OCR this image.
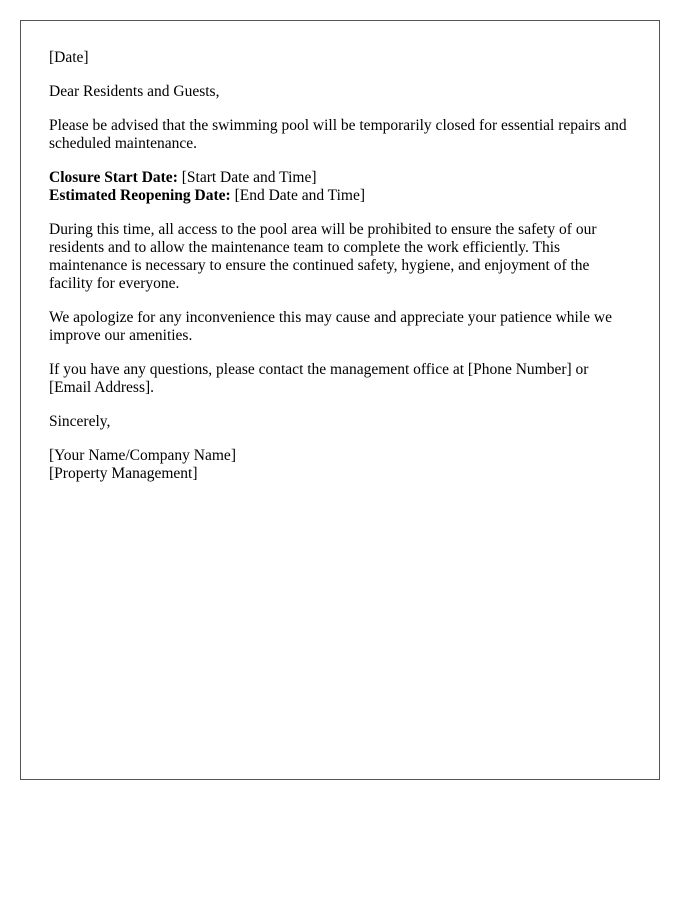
[Date]

Dear Residents and Guests,

Please be advised that the swimming pool will be temporarily closed for essential repairs and scheduled maintenance.

Closure Start Date: [Start Date and Time]

Estimated Reopening Date: [End Date and Time]

During this time, all access to the pool area will be prohibited to ensure the safety of our residents and to allow the maintenance team to complete the work efficiently. This maintenance is necessary to ensure the continued safety, hygiene, and enjoyment of the facility for everyone.

We apologize for any inconvenience this may cause and appreciate your patience while we improve our amenities.

If you have any questions, please contact the management office at [Phone Number] or [Email Address].

Sincerely,

[Your Name/Company Name]

[Property Management]
